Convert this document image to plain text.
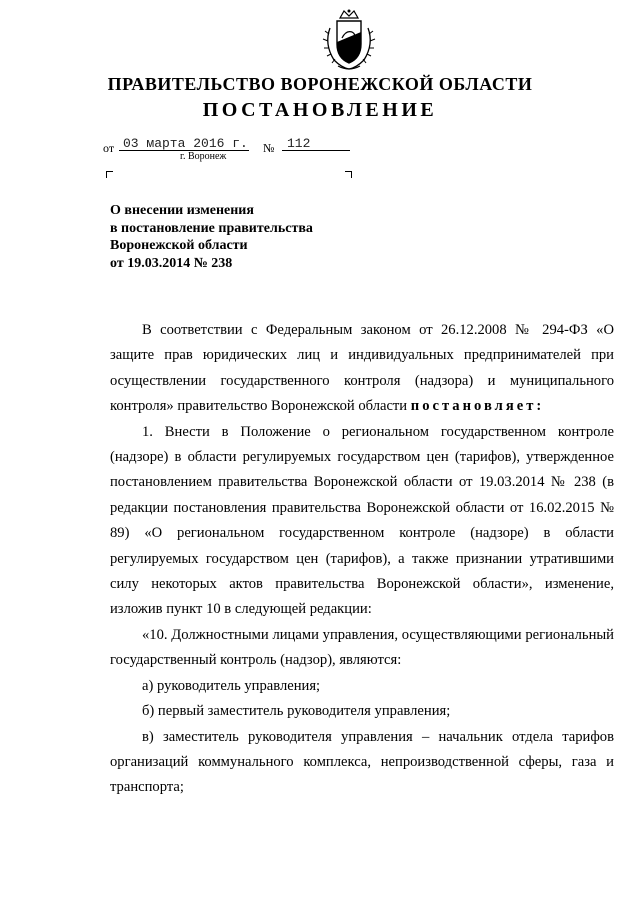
ПРАВИТЕЛЬСТВО ВОРОНЕЖСКОЙ ОБЛАСТИ
ПОСТАНОВЛЕНИЕ
от 03 марта 2016 г. № 112
г. Воронеж
О внесении изменения
в постановление правительства
Воронежской области
от 19.03.2014 № 238

В соответствии с Федеральным законом от 26.12.2008 № 294-ФЗ «О защите прав юридических лиц и индивидуальных предпринимателей при осуществлении государственного контроля (надзора) и муниципального контроля» правительство Воронежской области постановляет:

1. Внести в Положение о региональном государственном контроле (надзоре) в области регулируемых государством цен (тарифов), утвержденное постановлением правительства Воронежской области от 19.03.2014 № 238 (в редакции постановления правительства Воронежской области от 16.02.2015 № 89) «О региональном государственном контроле (надзоре) в области регулируемых государством цен (тарифов), а также признании утратившими силу некоторых актов правительства Воронежской области», изменение, изложив пункт 10 в следующей редакции:

«10. Должностными лицами управления, осуществляющими региональный государственный контроль (надзор), являются:

а) руководитель управления;

б) первый заместитель руководителя управления;

в) заместитель руководителя управления – начальник отдела тарифов организаций коммунального комплекса, непроизводственной сферы, газа и транспорта;
